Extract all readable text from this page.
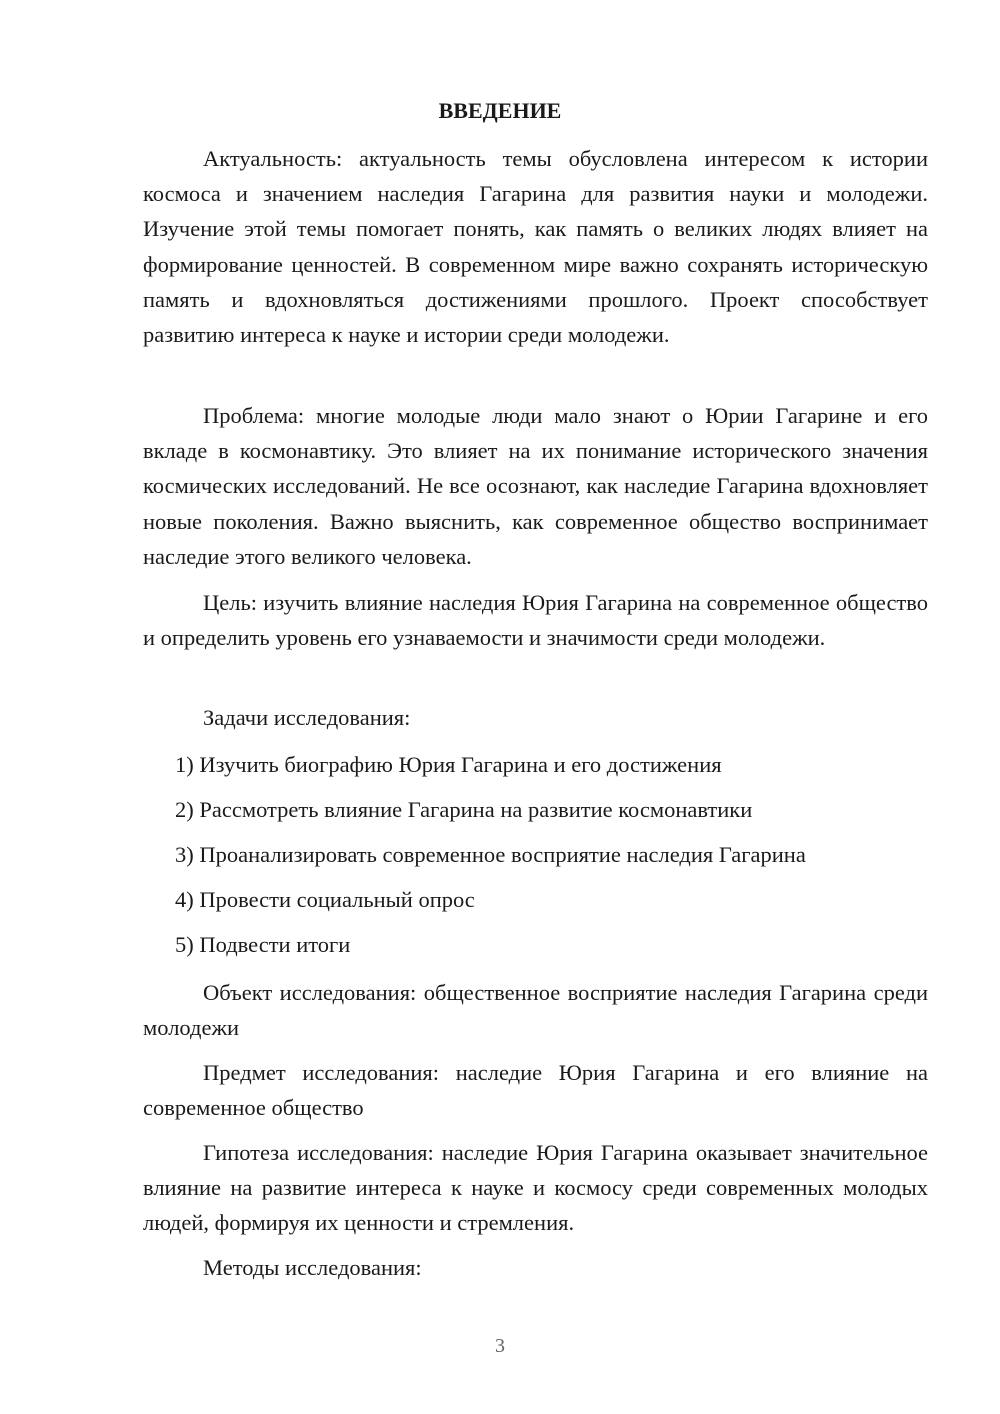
ВВЕДЕНИЕ

Актуальность: актуальность темы обусловлена интересом к истории космоса и значением наследия Гагарина для развития науки и молодежи. Изучение этой темы помогает понять, как память о великих людях влияет на формирование ценностей. В современном мире важно сохранять историческую память и вдохновляться достижениями прошлого. Проект способствует развитию интереса к науке и истории среди молодежи.

Проблема: многие молодые люди мало знают о Юрии Гагарине и его вкладе в космонавтику. Это влияет на их понимание исторического значения космических исследований. Не все осознают, как наследие Гагарина вдохновляет новые поколения. Важно выяснить, как современное общество воспринимает наследие этого великого человека.

Цель: изучить влияние наследия Юрия Гагарина на современное общество и определить уровень его узнаваемости и значимости среди молодежи.

Задачи исследования:

1) Изучить биографию Юрия Гагарина и его достижения

2) Рассмотреть влияние Гагарина на развитие космонавтики

3) Проанализировать современное восприятие наследия Гагарина

4) Провести социальный опрос

5) Подвести итоги

Объект исследования: общественное восприятие наследия Гагарина среди молодежи

Предмет исследования: наследие Юрия Гагарина и его влияние на современное общество

Гипотеза исследования: наследие Юрия Гагарина оказывает значительное влияние на развитие интереса к науке и космосу среди современных молодых людей, формируя их ценности и стремления.

Методы исследования:

3
